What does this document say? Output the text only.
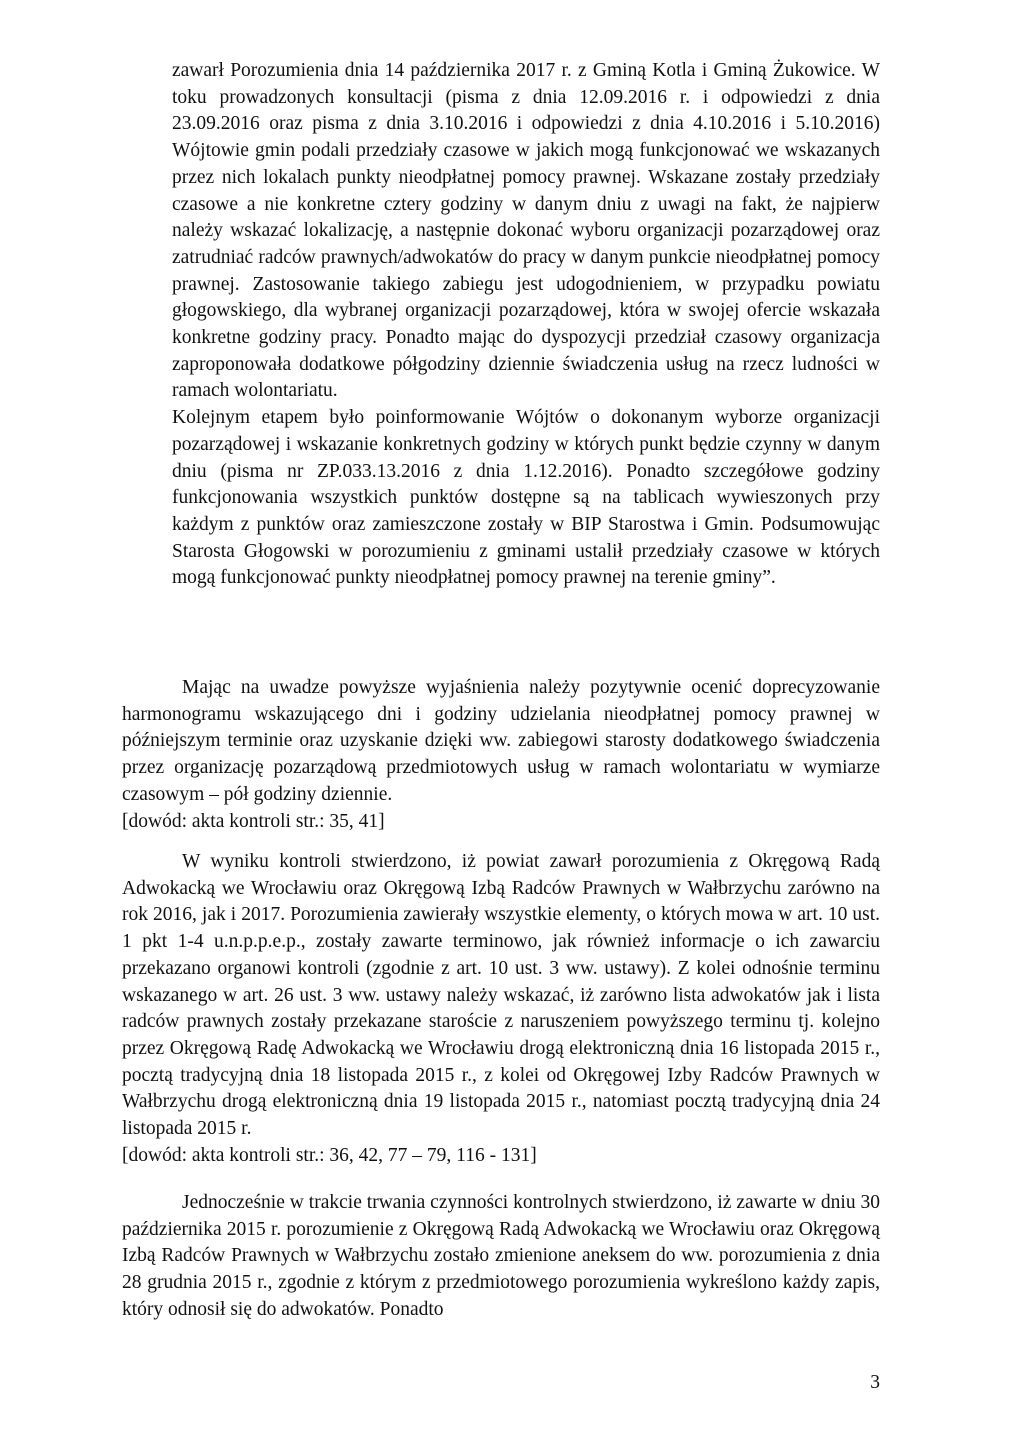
zawarł Porozumienia dnia 14 października 2017 r. z Gminą Kotla i Gminą Żukowice. W toku prowadzonych konsultacji (pisma z dnia 12.09.2016 r. i odpowiedzi z dnia 23.09.2016 oraz pisma z dnia 3.10.2016 i odpowiedzi z dnia 4.10.2016 i 5.10.2016) Wójtowie gmin podali przedziały czasowe w jakich mogą funkcjonować we wskazanych przez nich lokalach punkty nieodpłatnej pomocy prawnej. Wskazane zostały przedziały czasowe a nie konkretne cztery godziny w danym dniu z uwagi na fakt, że najpierw należy wskazać lokalizację, a następnie dokonać wyboru organizacji pozarządowej oraz zatrudniać radców prawnych/adwokatów do pracy w danym punkcie nieodpłatnej pomocy prawnej. Zastosowanie takiego zabiegu jest udogodnieniem, w przypadku powiatu głogowskiego, dla wybranej organizacji pozarządowej, która w swojej ofercie wskazała konkretne godziny pracy. Ponadto mając do dyspozycji przedział czasowy organizacja zaproponowała dodatkowe półgodziny dziennie świadczenia usług na rzecz ludności w ramach wolontariatu.

Kolejnym etapem było poinformowanie Wójtów o dokonanym wyborze organizacji pozarządowej i wskazanie konkretnych godziny w których punkt będzie czynny w danym dniu (pisma nr ZP.033.13.2016 z dnia 1.12.2016). Ponadto szczegółowe godziny funkcjonowania wszystkich punktów dostępne są na tablicach wywieszonych przy każdym z punktów oraz zamieszczone zostały w BIP Starostwa i Gmin. Podsumowując Starosta Głogowski w porozumieniu z gminami ustalił przedziały czasowe w których mogą funkcjonować punkty nieodpłatnej pomocy prawnej na terenie gminy”.

Mając na uwadze powyższe wyjaśnienia należy pozytywnie ocenić doprecyzowanie harmonogramu wskazującego dni i godziny udzielania nieodpłatnej pomocy prawnej w późniejszym terminie oraz uzyskanie dzięki ww. zabiegowi starosty dodatkowego świadczenia przez organizację pozarządową przedmiotowych usług w ramach wolontariatu w wymiarze czasowym – pół godziny dziennie.

[dowód: akta kontroli str.: 35, 41]

W wyniku kontroli stwierdzono, iż powiat zawarł porozumienia z Okręgową Radą Adwokacką we Wrocławiu oraz Okręgową Izbą Radców Prawnych w Wałbrzychu zarówno na rok 2016, jak i 2017. Porozumienia zawierały wszystkie elementy, o których mowa w art. 10 ust. 1 pkt 1-4 u.n.p.p.e.p., zostały zawarte terminowo, jak również informacje o ich zawarciu przekazano organowi kontroli (zgodnie z art. 10 ust. 3 ww. ustawy). Z kolei odnośnie terminu wskazanego w art. 26 ust. 3 ww. ustawy należy wskazać, iż zarówno lista adwokatów jak i lista radców prawnych zostały przekazane staroście z naruszeniem powyższego terminu tj. kolejno przez Okręgową Radę Adwokacką we Wrocławiu drogą elektroniczną dnia 16 listopada 2015 r., pocztą tradycyjną dnia 18 listopada 2015 r., z kolei od Okręgowej Izby Radców Prawnych w Wałbrzychu drogą elektroniczną dnia 19 listopada 2015 r., natomiast pocztą tradycyjną dnia 24 listopada 2015 r.

[dowód: akta kontroli str.: 36, 42, 77 – 79, 116 - 131]

Jednocześnie w trakcie trwania czynności kontrolnych stwierdzono, iż zawarte w dniu 30 października 2015 r. porozumienie z Okręgową Radą Adwokacką we Wrocławiu oraz Okręgową Izbą Radców Prawnych w Wałbrzychu zostało zmienione aneksem do ww. porozumienia z dnia 28 grudnia 2015 r., zgodnie z którym z przedmiotowego porozumienia wykreślono każdy zapis, który odnosił się do adwokatów. Ponadto

3
